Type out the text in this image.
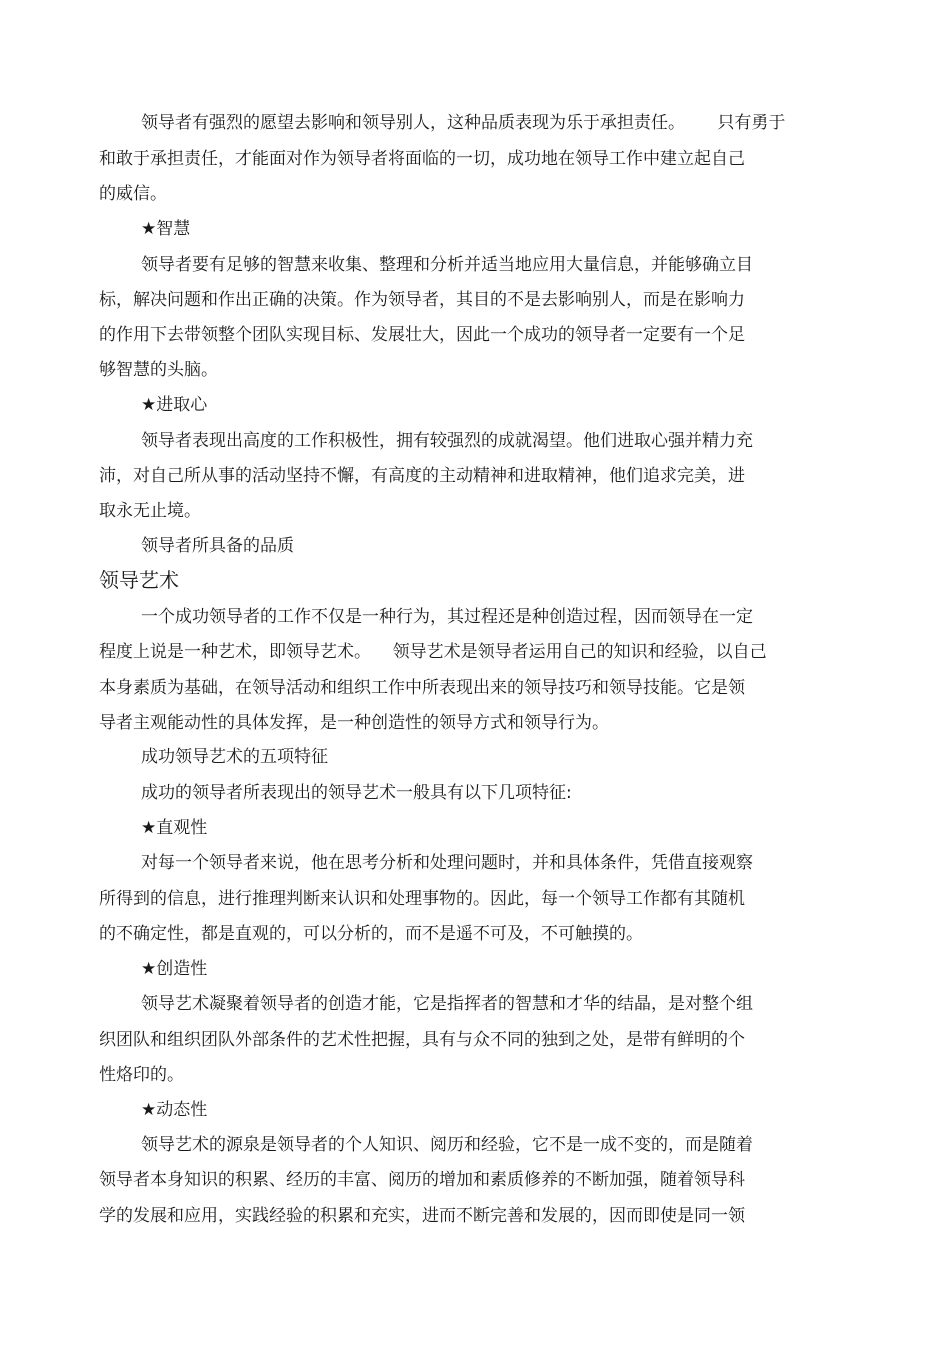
领导者有强烈的愿望去影响和领导别人，这种品质表现为乐于承担责任。      只有勇于
和敢于承担责任，才能面对作为领导者将面临的一切，成功地在领导工作中建立起自己
的威信。
★智慧
领导者要有足够的智慧来收集、整理和分析并适当地应用大量信息，并能够确立目
标，解决问题和作出正确的决策。作为领导者，其目的不是去影响别人，而是在影响力
的作用下去带领整个团队实现目标、发展壮大，因此一个成功的领导者一定要有一个足
够智慧的头脑。
★进取心
领导者表现出高度的工作积极性，拥有较强烈的成就渴望。他们进取心强并精力充
沛，对自己所从事的活动坚持不懈，有高度的主动精神和进取精神，他们追求完美，进
取永无止境。
领导者所具备的品质
领导艺术
一个成功领导者的工作不仅是一种行为，其过程还是种创造过程，因而领导在一定
程度上说是一种艺术，即领导艺术。    领导艺术是领导者运用自己的知识和经验，以自己
本身素质为基础，在领导活动和组织工作中所表现出来的领导技巧和领导技能。它是领
导者主观能动性的具体发挥，是一种创造性的领导方式和领导行为。
成功领导艺术的五项特征
成功的领导者所表现出的领导艺术一般具有以下几项特征:
★直观性
对每一个领导者来说，他在思考分析和处理问题时，并和具体条件，凭借直接观察
所得到的信息，进行推理判断来认识和处理事物的。因此，每一个领导工作都有其随机
的不确定性，都是直观的，可以分析的，而不是遥不可及，不可触摸的。
★创造性
领导艺术凝聚着领导者的创造才能，它是指挥者的智慧和才华的结晶，是对整个组
织团队和组织团队外部条件的艺术性把握，具有与众不同的独到之处，是带有鲜明的个
性烙印的。
★动态性
领导艺术的源泉是领导者的个人知识、阅历和经验，它不是一成不变的，而是随着
领导者本身知识的积累、经历的丰富、阅历的增加和素质修养的不断加强，随着领导科
学的发展和应用，实践经验的积累和充实，进而不断完善和发展的，因而即使是同一领
